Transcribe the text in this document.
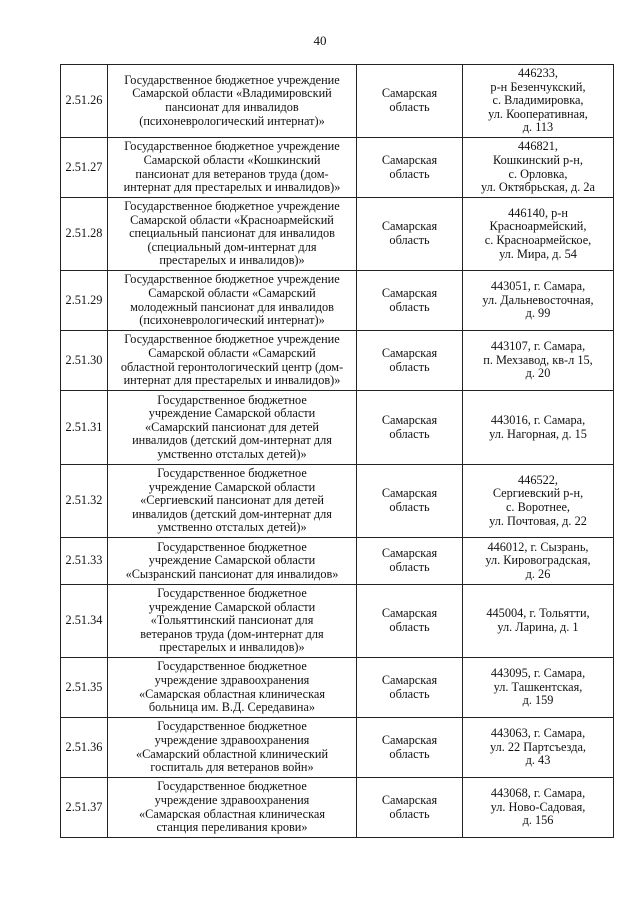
40
2.51.26	Государственное бюджетное учреждение
Самарской области «Владимировский
пансионат для инвалидов
(психоневрологический интернат)»	Самарская
область	446233,
р-н Безенчукский,
с. Владимировка,
ул. Кооперативная,
д. 113

2.51.27	Государственное бюджетное учреждение
Самарской области «Кошкинский
пансионат для ветеранов труда (дом-
интернат для престарелых и инвалидов)»	Самарская
область	446821,
Кошкинский р-н,
с. Орловка,
ул. Октябрьская, д. 2а

2.51.28	Государственное бюджетное учреждение
Самарской области «Красноармейский
специальный пансионат для инвалидов
(специальный дом-интернат для
престарелых и инвалидов)»	Самарская
область	446140, р-н
Красноармейский,
с. Красноармейское,
ул. Мира, д. 54

2.51.29	Государственное бюджетное учреждение
Самарской области «Самарский
молодежный пансионат для инвалидов
(психоневрологический интернат)»	Самарская
область	443051, г. Самара,
ул. Дальневосточная,
д. 99

2.51.30	Государственное бюджетное учреждение
Самарской области «Самарский
областной геронтологический центр (дом-
интернат для престарелых и инвалидов)»	Самарская
область	443107, г. Самара,
п. Мехзавод, кв-л 15,
д. 20

2.51.31	Государственное бюджетное
учреждение Самарской области
«Самарский пансионат для детей
инвалидов (детский дом-интернат для
умственно отсталых детей)»	Самарская
область	443016, г. Самара,
ул. Нагорная, д. 15

2.51.32	Государственное бюджетное
учреждение Самарской области
«Сергиевский пансионат для детей
инвалидов (детский дом-интернат для
умственно отсталых детей)»	Самарская
область	446522,
Сергиевский р-н,
с. Воротнее,
ул. Почтовая, д. 22

2.51.33	Государственное бюджетное
учреждение Самарской области
«Сызранский пансионат для инвалидов»	Самарская
область	446012, г. Сызрань,
ул. Кировоградская,
д. 26

2.51.34	Государственное бюджетное
учреждение Самарской области
«Тольяттинский пансионат для
ветеранов труда (дом-интернат для
престарелых и инвалидов)»	Самарская
область	445004, г. Тольятти,
ул. Ларина, д. 1

2.51.35	Государственное бюджетное
учреждение здравоохранения
«Самарская областная клиническая
больница им. В.Д. Середавина»	Самарская
область	443095, г. Самара,
ул. Ташкентская,
д. 159

2.51.36	Государственное бюджетное
учреждение здравоохранения
«Самарский областной клинический
госпиталь для ветеранов войн»	Самарская
область	443063, г. Самара,
ул. 22 Партсъезда,
д. 43

2.51.37	Государственное бюджетное
учреждение здравоохранения
«Самарская областная клиническая
станция переливания крови»	Самарская
область	443068, г. Самара,
ул. Ново-Садовая,
д. 156
